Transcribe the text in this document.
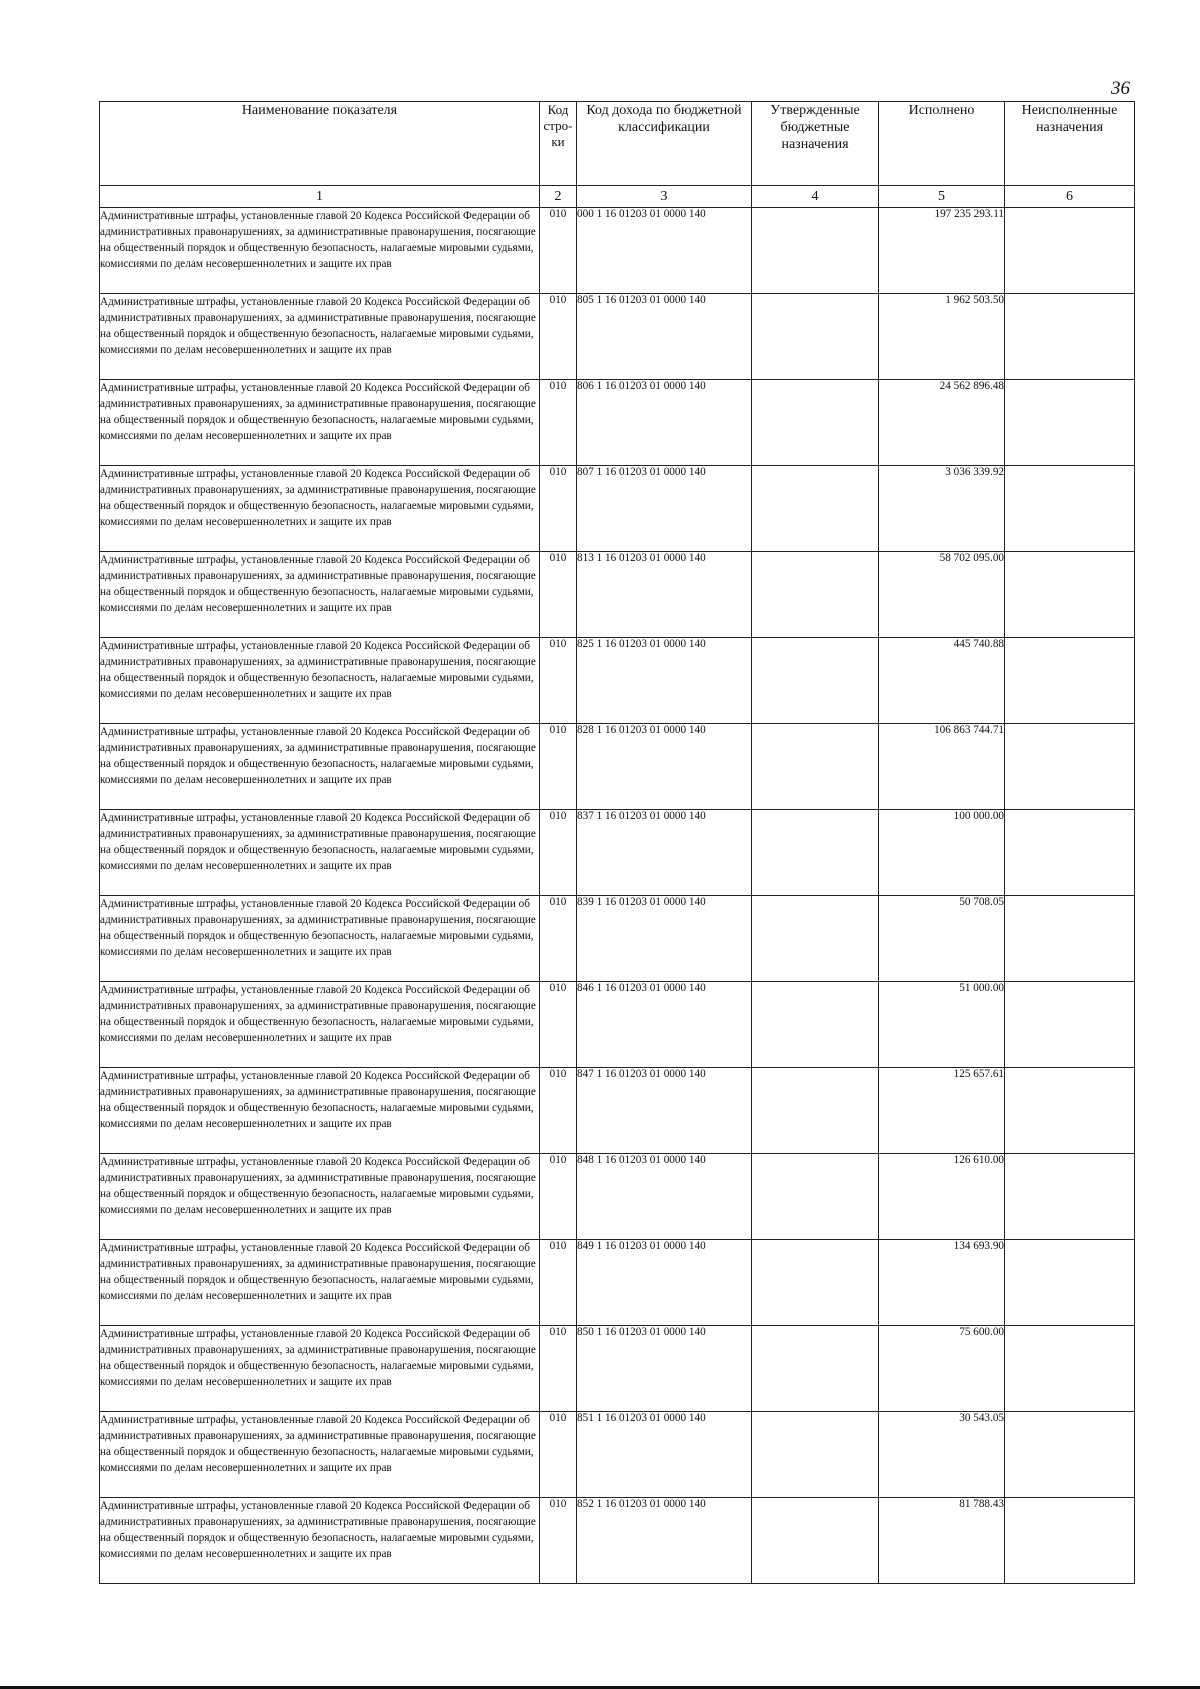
36
Наименование показателя	Код стро- ки	Код дохода по бюджетной классификации	Утвержденные бюджетные назначения	Исполнено	Неисполненные назначения
1	2	3	4	5	6
Административные штрафы, установленные главой 20 Кодекса Российской Федерации об административных правонарушениях, за административные правонарушения, посягающие на общественный порядок и общественную безопасность, налагаемые мировыми судьями, комиссиями по делам несовершеннолетних и защите их прав	010	000 1 16 01203 01 0000 140		197 235 293.11	
Административные штрафы, установленные главой 20 Кодекса Российской Федерации об административных правонарушениях, за административные правонарушения, посягающие на общественный порядок и общественную безопасность, налагаемые мировыми судьями, комиссиями по делам несовершеннолетних и защите их прав	010	805 1 16 01203 01 0000 140		1 962 503.50	
Административные штрафы, установленные главой 20 Кодекса Российской Федерации об административных правонарушениях, за административные правонарушения, посягающие на общественный порядок и общественную безопасность, налагаемые мировыми судьями, комиссиями по делам несовершеннолетних и защите их прав	010	806 1 16 01203 01 0000 140		24 562 896.48	
Административные штрафы, установленные главой 20 Кодекса Российской Федерации об административных правонарушениях, за административные правонарушения, посягающие на общественный порядок и общественную безопасность, налагаемые мировыми судьями, комиссиями по делам несовершеннолетних и защите их прав	010	807 1 16 01203 01 0000 140		3 036 339.92	
Административные штрафы, установленные главой 20 Кодекса Российской Федерации об административных правонарушениях, за административные правонарушения, посягающие на общественный порядок и общественную безопасность, налагаемые мировыми судьями, комиссиями по делам несовершеннолетних и защите их прав	010	813 1 16 01203 01 0000 140		58 702 095.00	
Административные штрафы, установленные главой 20 Кодекса Российской Федерации об административных правонарушениях, за административные правонарушения, посягающие на общественный порядок и общественную безопасность, налагаемые мировыми судьями, комиссиями по делам несовершеннолетних и защите их прав	010	825 1 16 01203 01 0000 140		445 740.88	
Административные штрафы, установленные главой 20 Кодекса Российской Федерации об административных правонарушениях, за административные правонарушения, посягающие на общественный порядок и общественную безопасность, налагаемые мировыми судьями, комиссиями по делам несовершеннолетних и защите их прав	010	828 1 16 01203 01 0000 140		106 863 744.71	
Административные штрафы, установленные главой 20 Кодекса Российской Федерации об административных правонарушениях, за административные правонарушения, посягающие на общественный порядок и общественную безопасность, налагаемые мировыми судьями, комиссиями по делам несовершеннолетних и защите их прав	010	837 1 16 01203 01 0000 140		100 000.00	
Административные штрафы, установленные главой 20 Кодекса Российской Федерации об административных правонарушениях, за административные правонарушения, посягающие на общественный порядок и общественную безопасность, налагаемые мировыми судьями, комиссиями по делам несовершеннолетних и защите их прав	010	839 1 16 01203 01 0000 140		50 708.05	
Административные штрафы, установленные главой 20 Кодекса Российской Федерации об административных правонарушениях, за административные правонарушения, посягающие на общественный порядок и общественную безопасность, налагаемые мировыми судьями, комиссиями по делам несовершеннолетних и защите их прав	010	846 1 16 01203 01 0000 140		51 000.00	
Административные штрафы, установленные главой 20 Кодекса Российской Федерации об административных правонарушениях, за административные правонарушения, посягающие на общественный порядок и общественную безопасность, налагаемые мировыми судьями, комиссиями по делам несовершеннолетних и защите их прав	010	847 1 16 01203 01 0000 140		125 657.61	
Административные штрафы, установленные главой 20 Кодекса Российской Федерации об административных правонарушениях, за административные правонарушения, посягающие на общественный порядок и общественную безопасность, налагаемые мировыми судьями, комиссиями по делам несовершеннолетних и защите их прав	010	848 1 16 01203 01 0000 140		126 610.00	
Административные штрафы, установленные главой 20 Кодекса Российской Федерации об административных правонарушениях, за административные правонарушения, посягающие на общественный порядок и общественную безопасность, налагаемые мировыми судьями, комиссиями по делам несовершеннолетних и защите их прав	010	849 1 16 01203 01 0000 140		134 693.90	
Административные штрафы, установленные главой 20 Кодекса Российской Федерации об административных правонарушениях, за административные правонарушения, посягающие на общественный порядок и общественную безопасность, налагаемые мировыми судьями, комиссиями по делам несовершеннолетних и защите их прав	010	850 1 16 01203 01 0000 140		75 600.00	
Административные штрафы, установленные главой 20 Кодекса Российской Федерации об административных правонарушениях, за административные правонарушения, посягающие на общественный порядок и общественную безопасность, налагаемые мировыми судьями, комиссиями по делам несовершеннолетних и защите их прав	010	851 1 16 01203 01 0000 140		30 543.05	
Административные штрафы, установленные главой 20 Кодекса Российской Федерации об административных правонарушениях, за административные правонарушения, посягающие на общественный порядок и общественную безопасность, налагаемые мировыми судьями, комиссиями по делам несовершеннолетних и защите их прав	010	852 1 16 01203 01 0000 140		81 788.43	
